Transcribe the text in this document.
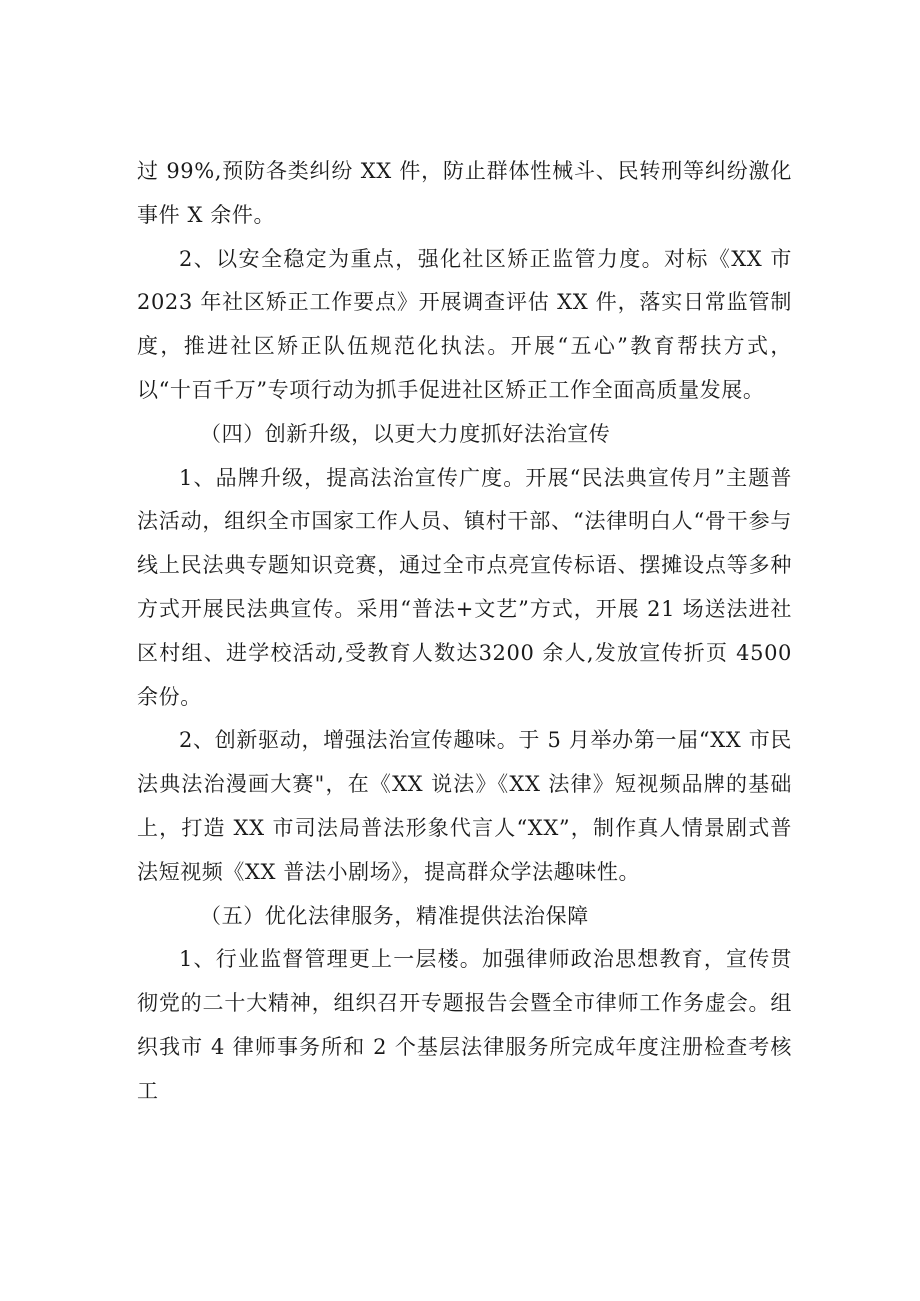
过 99%,预防各类纠纷 XX 件，防止群体性械斗、民转刑等纠纷激化事件 X 余件。

2、以安全稳定为重点，强化社区矫正监管力度。对标《XX 市 2023 年社区矫正工作要点》开展调查评估 XX 件，落实日常监管制度，推进社区矫正队伍规范化执法。开展“五心”教育帮扶方式，以“十百千万”专项行动为抓手促进社区矫正工作全面高质量发展。

（四）创新升级，以更大力度抓好法治宣传

1、品牌升级，提高法治宣传广度。开展“民法典宣传月”主题普法活动，组织全市国家工作人员、镇村干部、“法律明白人“骨干参与线上民法典专题知识竞赛，通过全市点亮宣传标语、摆摊设点等多种方式开展民法典宣传。采用“普法+文艺”方式，开展 21 场送法进社区村组、进学校活动,受教育人数达3200 余人,发放宣传折页 4500余份。

2、创新驱动，增强法治宣传趣味。于 5 月举办第一届“XX 市民法典法治漫画大赛"，在《XX 说法》《XX 法律》短视频品牌的基础上，打造 XX 市司法局普法形象代言人“XX”，制作真人情景剧式普法短视频《XX 普法小剧场》，提高群众学法趣味性。

（五）优化法律服务，精准提供法治保障

1、行业监督管理更上一层楼。加强律师政治思想教育，宣传贯彻党的二十大精神，组织召开专题报告会暨全市律师工作务虚会。组织我市 4 律师事务所和 2 个基层法律服务所完成年度注册检查考核工
